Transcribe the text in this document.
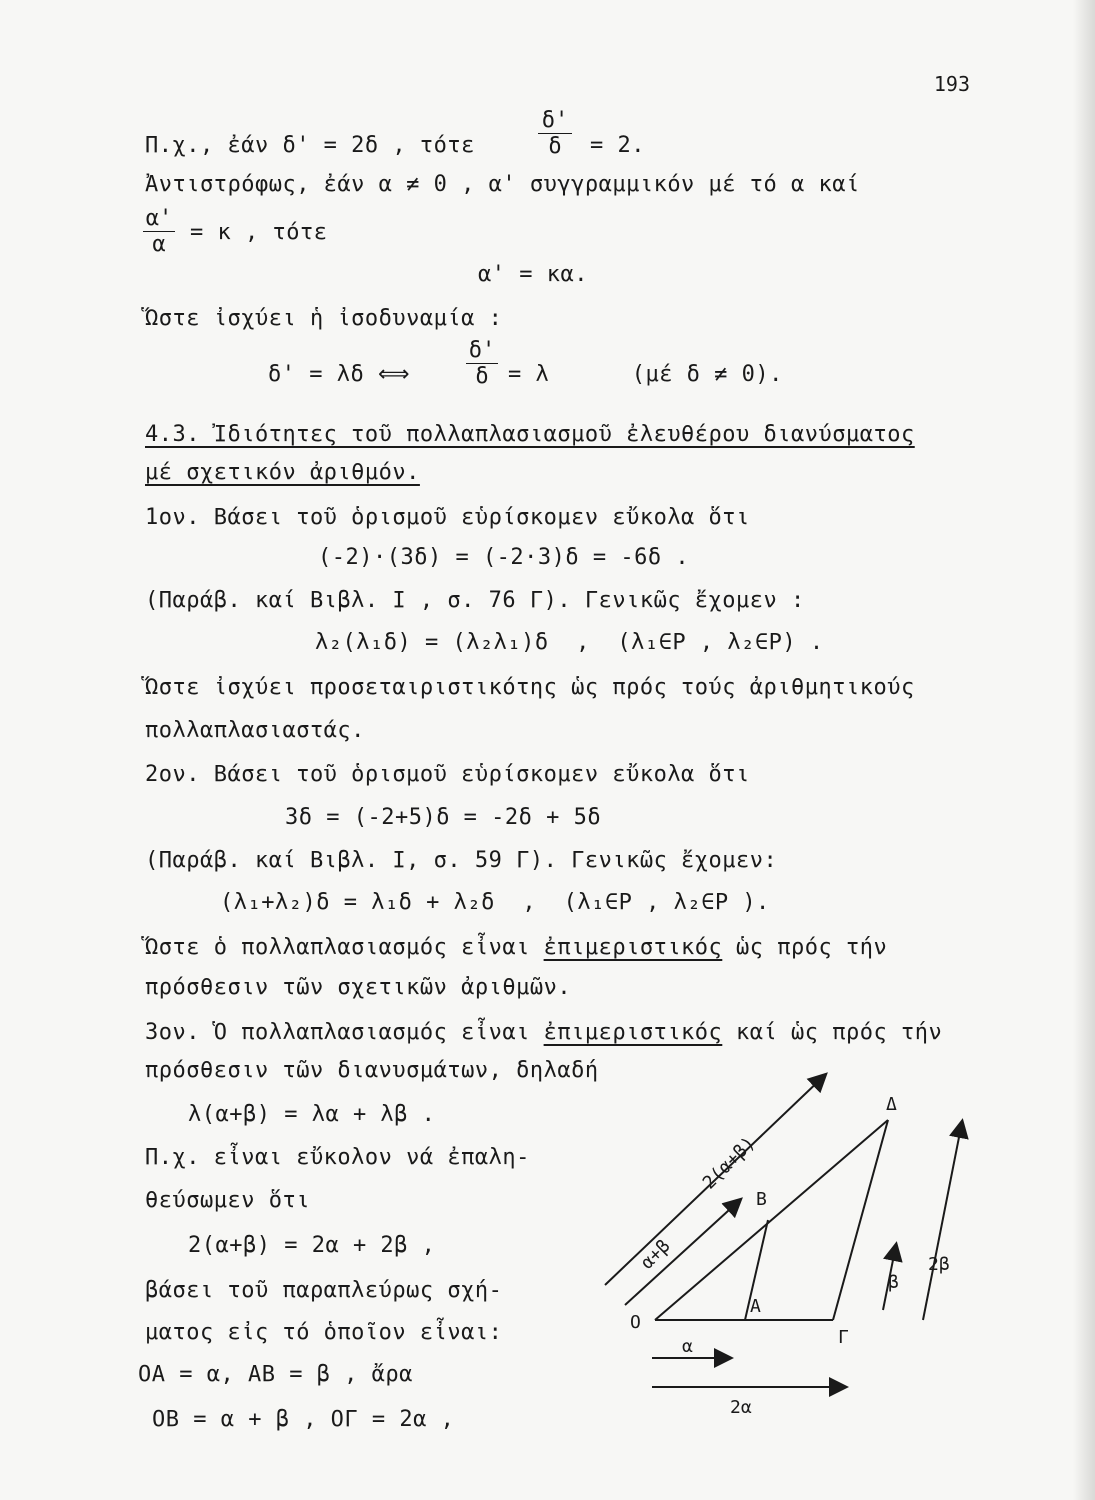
193
Π.χ., ἐάν δ' = 2δ , τότε	$\frac{\delta'}{\delta} = 2$.
Ἀντιστρόφως, ἐάν α ≠ 0 , α' συγγραμμικόν μέ τό α καί
$\frac{\alpha'}{\alpha} = \kappa$ , τότε
α' = κα.
Ὥστε ἰσχύει ἡ ἰσοδυναμία :
δ' = λδ ⟺	$\frac{\delta'}{\delta} = \lambda$      (μέ δ ≠ 0).
4.3. Ἰδιότητες τοῦ πολλαπλασιασμοῦ ἐλευθέρου διανύσματος
μέ σχετικόν ἀριθμόν.
1ον. Βάσει τοῦ ὁρισμοῦ εὑρίσκομεν εὔκολα ὅτι
(-2)·(3δ) = (-2·3)δ = -6δ .
(Παράβ. καί Βιβλ. Ι , σ. 76 Γ). Γενικῶς ἔχομεν :
λ₂(λ₁δ) = (λ₂λ₁)δ  ,  (λ₁∈Ρ , λ₂∈Ρ) .
Ὥστε ἰσχύει προσεταιριστικότης ὡς πρός τούς ἀριθμητικούς
πολλαπλασιαστάς.
2ον. Βάσει τοῦ ὁρισμοῦ εὑρίσκομεν εὔκολα ὅτι
3δ = (-2+5)δ = -2δ + 5δ
(Παράβ. καί Βιβλ. Ι, σ. 59 Γ). Γενικῶς ἔχομεν:
(λ₁+λ₂)δ = λ₁δ + λ₂δ  ,  (λ₁∈Ρ , λ₂∈Ρ ).
Ὥστε ὁ πολλαπλασιασμός εἶναι ἐπιμεριστικός ὡς πρός τήν
πρόσθεσιν τῶν σχετικῶν ἀριθμῶν.
3ον. Ὁ πολλαπλασιασμός εἶναι ἐπιμεριστικός καί ὡς πρός τήν
πρόσθεσιν τῶν διανυσμάτων, δηλαδή
λ(α+β) = λα + λβ .
Π.χ. εἶναι εὔκολον νά ἐπαλη-
θεύσωμεν ὅτι
2(α+β) = 2α + 2β ,
βάσει τοῦ παραπλεύρως σχή-
ματος εἰς τό ὁποῖον εἶναι:
ΟΑ = α, ΑΒ = β , ἄρα
ΟΒ = α + β , ΟΓ = 2α ,
O
A
B
Γ
Δ
α
2α
β
2β
α+β
2(α+β)
